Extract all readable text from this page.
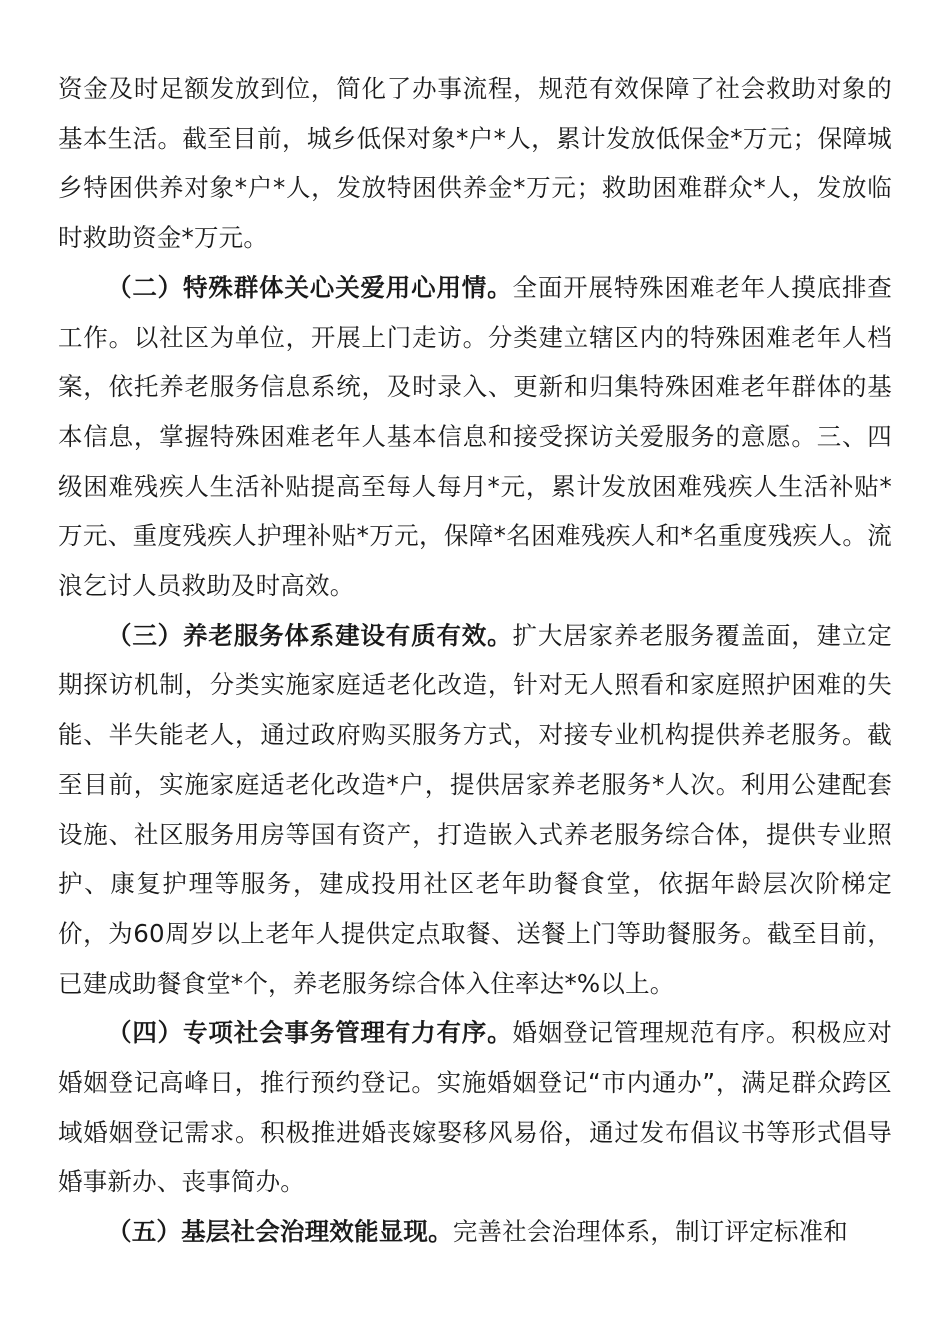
资金及时足额发放到位，简化了办事流程，规范有效保障了社会救助对象的基本生活。截至目前，城乡低保对象*户*人，累计发放低保金*万元；保障城乡特困供养对象*户*人，发放特困供养金*万元；救助困难群众*人，发放临时救助资金*万元。

（二）特殊群体关心关爱用心用情。全面开展特殊困难老年人摸底排查工作。以社区为单位，开展上门走访。分类建立辖区内的特殊困难老年人档案，依托养老服务信息系统，及时录入、更新和归集特殊困难老年群体的基本信息，掌握特殊困难老年人基本信息和接受探访关爱服务的意愿。三、四级困难残疾人生活补贴提高至每人每月*元，累计发放困难残疾人生活补贴*万元、重度残疾人护理补贴*万元，保障*名困难残疾人和*名重度残疾人。流浪乞讨人员救助及时高效。

（三）养老服务体系建设有质有效。扩大居家养老服务覆盖面，建立定期探访机制，分类实施家庭适老化改造，针对无人照看和家庭照护困难的失能、半失能老人，通过政府购买服务方式，对接专业机构提供养老服务。截至目前，实施家庭适老化改造*户，提供居家养老服务*人次。利用公建配套设施、社区服务用房等国有资产，打造嵌入式养老服务综合体，提供专业照护、康复护理等服务，建成投用社区老年助餐食堂，依据年龄层次阶梯定价，为60周岁以上老年人提供定点取餐、送餐上门等助餐服务。截至目前，已建成助餐食堂*个，养老服务综合体入住率达*%以上。

（四）专项社会事务管理有力有序。婚姻登记管理规范有序。积极应对婚姻登记高峰日，推行预约登记。实施婚姻登记“市内通办”，满足群众跨区域婚姻登记需求。积极推进婚丧嫁娶移风易俗，通过发布倡议书等形式倡导婚事新办、丧事简办。

（五）基层社会治理效能显现。完善社会治理体系，制订评定标准和
